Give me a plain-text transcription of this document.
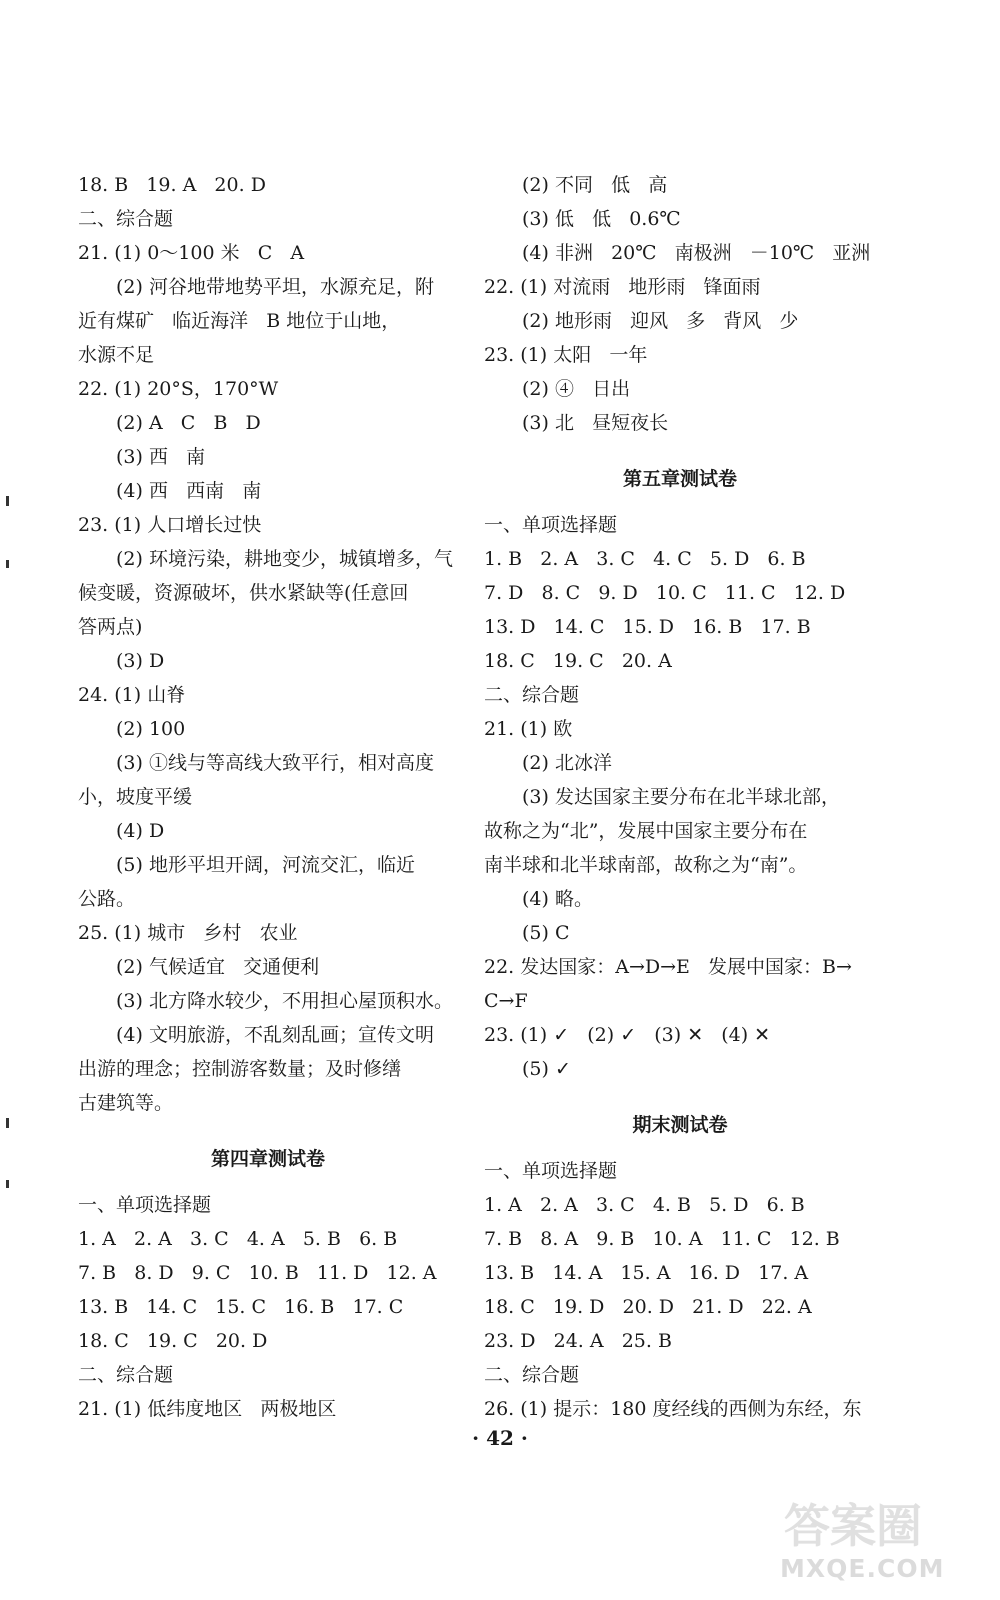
18. B   19. A   20. D
二、综合题
21. (1) 0～100 米   C   A
(2) 河谷地带地势平坦，水源充足，附
近有煤矿   临近海洋   B 地位于山地，
水源不足
22. (1) 20°S，170°W
(2) A   C   B   D
(3) 西   南
(4) 西   西南   南
23. (1) 人口增长过快
(2) 环境污染，耕地变少，城镇增多，气
候变暖，资源破坏，供水紧缺等(任意回
答两点)
(3) D
24. (1) 山脊
(2) 100
(3) ①线与等高线大致平行，相对高度
小，坡度平缓
(4) D
(5) 地形平坦开阔，河流交汇，临近
公路。
25. (1) 城市   乡村   农业
(2) 气候适宜   交通便利
(3) 北方降水较少，不用担心屋顶积水。
(4) 文明旅游，不乱刻乱画；宣传文明
出游的理念；控制游客数量；及时修缮
古建筑等。
第四章测试卷
一、单项选择题
1. A   2. A   3. C   4. A   5. B   6. B
7. B   8. D   9. C   10. B   11. D   12. A
13. B   14. C   15. C   16. B   17. C
18. C   19. C   20. D
二、综合题
21. (1) 低纬度地区   两极地区
(2) 不同   低   高
(3) 低   低   0.6℃
(4) 非洲   20℃   南极洲   －10℃   亚洲
22. (1) 对流雨   地形雨   锋面雨
(2) 地形雨   迎风   多   背风   少
23. (1) 太阳   一年
(2) ④   日出
(3) 北   昼短夜长
第五章测试卷
一、单项选择题
1. B   2. A   3. C   4. C   5. D   6. B
7. D   8. C   9. D   10. C   11. C   12. D
13. D   14. C   15. D   16. B   17. B
18. C   19. C   20. A
二、综合题
21. (1) 欧
(2) 北冰洋
(3) 发达国家主要分布在北半球北部，
故称之为“北”，发展中国家主要分布在
南半球和北半球南部，故称之为“南”。
(4) 略。
(5) C
22. 发达国家：A→D→E   发展中国家：B→
C→F
23. (1) ✓   (2) ✓   (3) ✕   (4) ✕
(5) ✓
期末测试卷
一、单项选择题
1. A   2. A   3. C   4. B   5. D   6. B
7. B   8. A   9. B   10. A   11. C   12. B
13. B   14. A   15. A   16. D   17. A
18. C   19. D   20. D   21. D   22. A
23. D   24. A   25. B
二、综合题
26. (1) 提示：180 度经线的西侧为东经，东
· 42 ·
答案圈
MXQE.COM
